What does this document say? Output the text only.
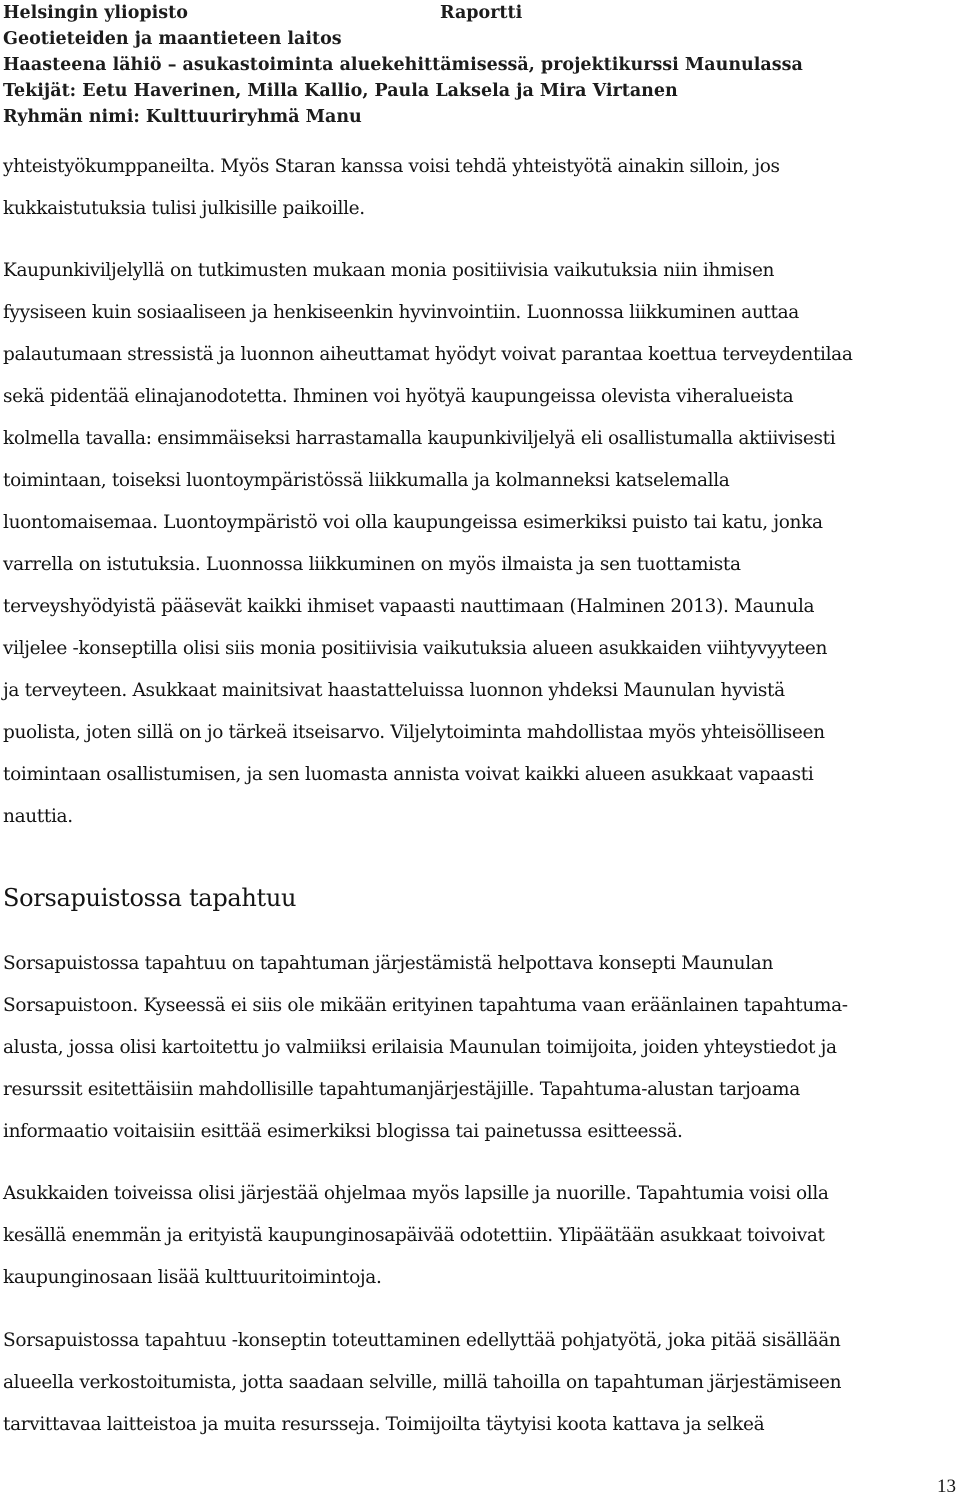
Helsingin yliopisto	Raportti
Geotieteiden ja maantieteen laitos
Haasteena lähiö – asukastoiminta aluekehittämisessä, projektikurssi Maunulassa
Tekijät: Eetu Haverinen, Milla Kallio, Paula Laksela ja Mira Virtanen
Ryhmän nimi: Kulttuuriryhmä Manu

yhteistyökumppaneilta. Myös Staran kanssa voisi tehdä yhteistyötä ainakin silloin, jos

kukkaistutuksia tulisi julkisille paikoille.

Kaupunkiviljelyllä on tutkimusten mukaan monia positiivisia vaikutuksia niin ihmisen

fyysiseen kuin sosiaaliseen ja henkiseenkin hyvinvointiin. Luonnossa liikkuminen auttaa

palautumaan stressistä ja luonnon aiheuttamat hyödyt voivat parantaa koettua terveydentilaa

sekä pidentää elinajanodotetta. Ihminen voi hyötyä kaupungeissa olevista viheralueista

kolmella tavalla: ensimmäiseksi harrastamalla kaupunkiviljelyä eli osallistumalla aktiivisesti

toimintaan, toiseksi luontoympäristössä liikkumalla ja kolmanneksi katselemalla

luontomaisemaa. Luontoympäristö voi olla kaupungeissa esimerkiksi puisto tai katu, jonka

varrella on istutuksia. Luonnossa liikkuminen on myös ilmaista ja sen tuottamista

terveyshyödyistä pääsevät kaikki ihmiset vapaasti nauttimaan (Halminen 2013). Maunula

viljelee -konseptilla olisi siis monia positiivisia vaikutuksia alueen asukkaiden viihtyvyyteen

ja terveyteen. Asukkaat mainitsivat haastatteluissa luonnon yhdeksi Maunulan hyvistä

puolista, joten sillä on jo tärkeä itseisarvo. Viljelytoiminta mahdollistaa myös yhteisölliseen

toimintaan osallistumisen, ja sen luomasta annista voivat kaikki alueen asukkaat vapaasti

nauttia.

Sorsapuistossa tapahtuu

Sorsapuistossa tapahtuu on tapahtuman järjestämistä helpottava konsepti Maunulan

Sorsapuistoon. Kyseessä ei siis ole mikään erityinen tapahtuma vaan eräänlainen tapahtuma-

alusta, jossa olisi kartoitettu jo valmiiksi erilaisia Maunulan toimijoita, joiden yhteystiedot ja

resurssit esitettäisiin mahdollisille tapahtumanjärjestäjille. Tapahtuma-alustan tarjoama

informaatio voitaisiin esittää esimerkiksi blogissa tai painetussa esitteessä.

Asukkaiden toiveissa olisi järjestää ohjelmaa myös lapsille ja nuorille. Tapahtumia voisi olla

kesällä enemmän ja erityistä kaupunginosapäivää odotettiin. Ylipäätään asukkaat toivoivat

kaupunginosaan lisää kulttuuritoimintoja.

Sorsapuistossa tapahtuu -konseptin toteuttaminen edellyttää pohjatyötä, joka pitää sisällään

alueella verkostoitumista, jotta saadaan selville, millä tahoilla on tapahtuman järjestämiseen

tarvittavaa laitteistoa ja muita resursseja. Toimijoilta täytyisi koota kattava ja selkeä

13
